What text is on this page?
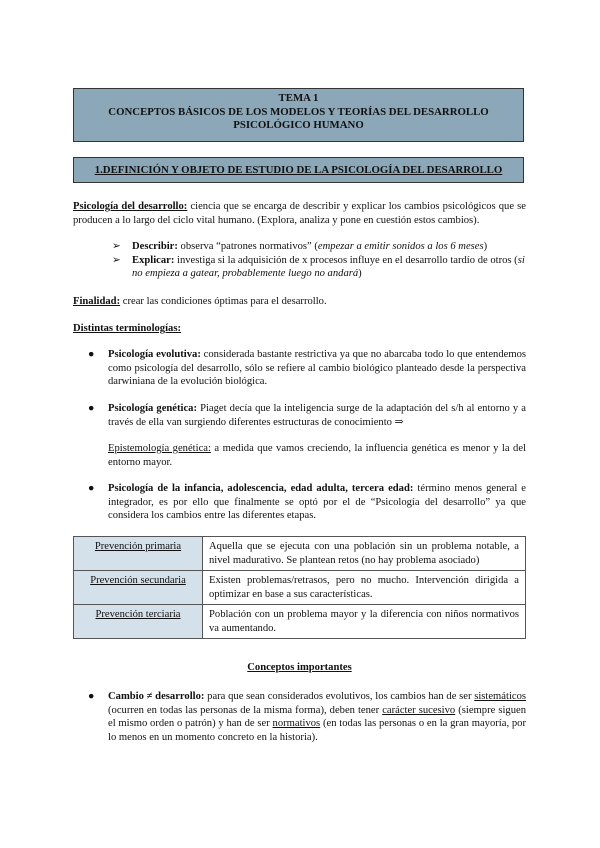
TEMA 1
CONCEPTOS BÁSICOS DE LOS MODELOS Y TEORÍAS DEL DESARROLLO
PSICOLÓGICO HUMANO
1.DEFINICIÓN Y OBJETO DE ESTUDIO DE LA PSICOLOGÍA DEL DESARROLLO
Psicología del desarrollo: ciencia que se encarga de describir y explicar los cambios psicológicos que se producen a lo largo del ciclo vital humano. (Explora, analiza y pone en cuestión estos cambios).
➢ Describir: observa “patrones normativos” (empezar a emitir sonidos a los 6 meses)
➢ Explicar: investiga si la adquisición de x procesos influye en el desarrollo tardío de otros (si no empieza a gatear, probablemente luego no andará)
Finalidad: crear las condiciones óptimas para el desarrollo.
Distintas terminologías:
● Psicología evolutiva: considerada bastante restrictiva ya que no abarcaba todo lo que entendemos como psicología del desarrollo, sólo se refiere al cambio biológico planteado desde la perspectiva darwiniana de la evolución biológica.
● Psicología genética: Piaget decía que la inteligencia surge de la adaptación del s/h al entorno y a través de ella van surgiendo diferentes estructuras de conocimiento ⇒
Epistemología genética: a medida que vamos creciendo, la influencia genética es menor y la del entorno mayor.
● Psicología de la infancia, adolescencia, edad adulta, tercera edad: término menos general e integrador, es por ello que finalmente se optó por el de “Psicología del desarrollo” ya que considera los cambios entre las diferentes etapas.
Prevención primaria	Aquella que se ejecuta con una población sin un problema notable, a nivel madurativo. Se plantean retos (no hay problema asociado)
Prevención secundaria	Existen problemas/retrasos, pero no mucho. Intervención dirigida a optimizar en base a sus características.
Prevención terciaria	Población con un problema mayor y la diferencia con niños normativos va aumentando.
Conceptos importantes
● Cambio ≠ desarrollo: para que sean considerados evolutivos, los cambios han de ser sistemáticos (ocurren en todas las personas de la misma forma), deben tener carácter sucesivo (siempre siguen el mismo orden o patrón) y han de ser normativos (en todas las personas o en la gran mayoría, por lo menos en un momento concreto en la historia).
